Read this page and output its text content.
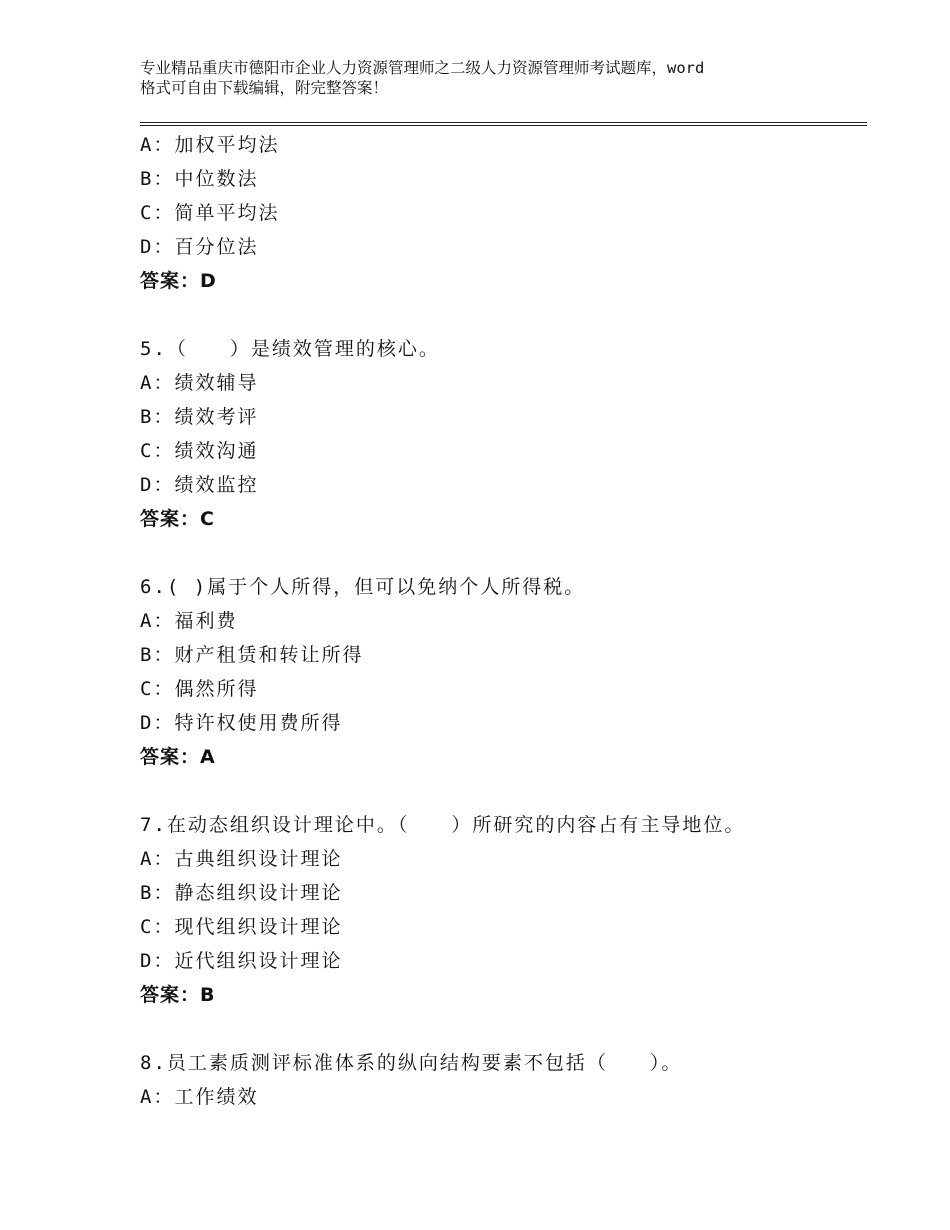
专业精品重庆市德阳市企业人力资源管理师之二级人力资源管理师考试题库，word
格式可自由下载编辑，附完整答案！
A：加权平均法
B：中位数法
C：简单平均法
D：百分位法
答案：D
5.（　　）是绩效管理的核心。
A：绩效辅导
B：绩效考评
C：绩效沟通
D：绩效监控
答案：C
6.( )属于个人所得，但可以免纳个人所得税。
A：福利费
B：财产租赁和转让所得
C：偶然所得
D：特许权使用费所得
答案：A
7.在动态组织设计理论中。（　　）所研究的内容占有主导地位。
A：古典组织设计理论
B：静态组织设计理论
C：现代组织设计理论
D：近代组织设计理论
答案：B
8.员工素质测评标准体系的纵向结构要素不包括（　　）。
A：工作绩效
